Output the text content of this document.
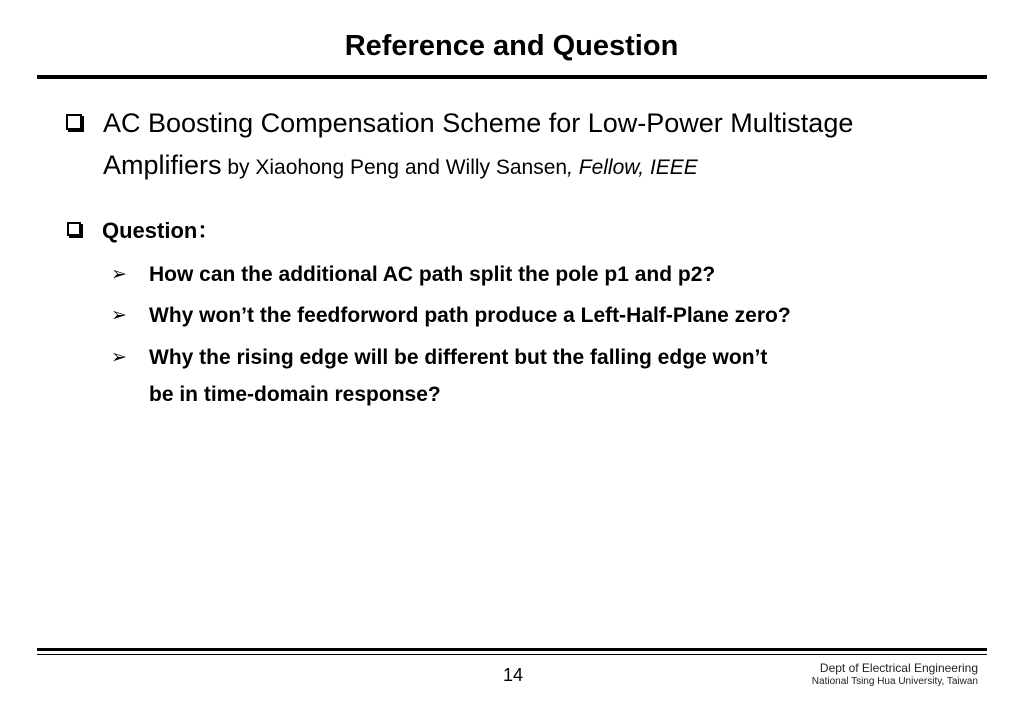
Reference and Question
AC Boosting Compensation Scheme for Low-Power Multistage
Amplifiers by Xiaohong Peng and Willy Sansen, Fellow, IEEE
Question：
➢ How can the additional AC path split the pole p1 and p2?
➢ Why won’t the feedforword path produce a Left-Half-Plane zero?
➢ Why the rising edge will be different but the falling edge won’t
be in time-domain response?
14	Dept of Electrical Engineering
National Tsing Hua University, Taiwan
